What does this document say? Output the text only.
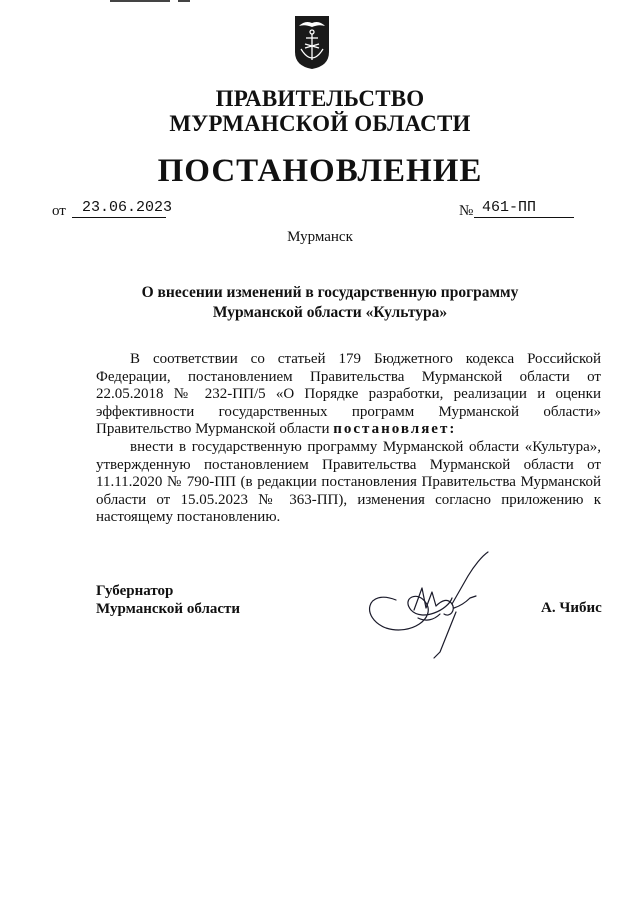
ПРАВИТЕЛЬСТВО
МУРМАНСКОЙ ОБЛАСТИ
ПОСТАНОВЛЕНИЕ
от	23.06.2023	№ 461-ПП
Мурманск
О внесении изменений в государственную программу
Мурманской области «Культура»
В соответствии со статьей 179 Бюджетного кодекса Российской Федерации, постановлением Правительства Мурманской области от 22.05.2018 № 232-ПП/5 «О Порядке разработки, реализации и оценки эффективности государственных программ Мурманской области» Правительство Мурманской области постановляет:
внести в государственную программу Мурманской области «Культура», утвержденную постановлением Правительства Мурманской области от 11.11.2020 № 790-ПП (в редакции постановления Правительства Мурманской области от 15.05.2023 № 363-ПП), изменения согласно приложению к настоящему постановлению.
Губернатор
Мурманской области	А. Чибис
